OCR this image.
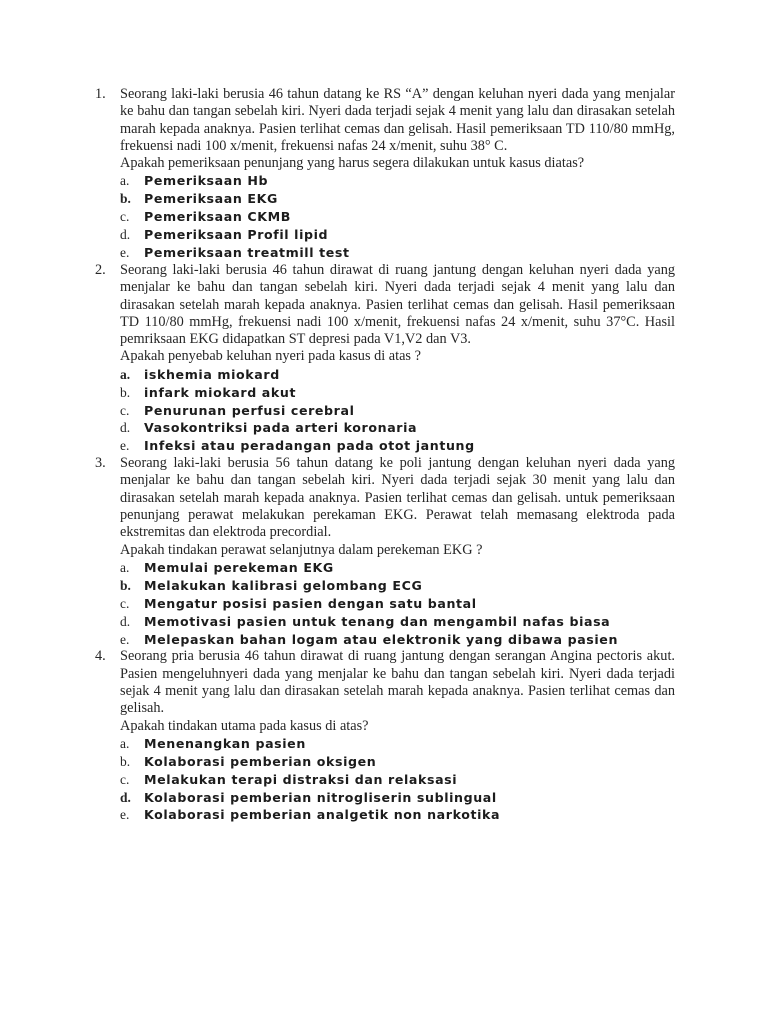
1. Seorang laki-laki berusia 46 tahun datang ke RS “A” dengan keluhan nyeri dada yang menjalar ke bahu dan tangan sebelah kiri. Nyeri dada terjadi sejak 4 menit yang lalu dan dirasakan setelah marah kepada anaknya. Pasien terlihat cemas dan gelisah. Hasil pemeriksaan TD 110/80 mmHg, frekuensi nadi 100 x/menit, frekuensi nafas 24 x/menit, suhu 38° C.

Apakah pemeriksaan penunjang yang harus segera dilakukan untuk kasus diatas?

a. Pemeriksaan Hb
b. Pemeriksaan EKG
c. Pemeriksaan CKMB
d. Pemeriksaan Profil lipid
e. Pemeriksaan treatmill test
2. Seorang laki-laki berusia 46 tahun dirawat di ruang jantung dengan keluhan nyeri dada yang menjalar ke bahu dan tangan sebelah kiri. Nyeri dada terjadi sejak 4 menit yang lalu dan dirasakan setelah marah kepada anaknya. Pasien terlihat cemas dan gelisah. Hasil pemeriksaan TD 110/80 mmHg, frekuensi nadi 100 x/menit, frekuensi nafas 24 x/menit, suhu 37°C. Hasil pemriksaan EKG didapatkan ST depresi pada V1,V2 dan V3.

Apakah penyebab keluhan nyeri pada kasus di atas ?

a. iskhemia miokard
b. infark miokard akut
c. Penurunan perfusi cerebral
d. Vasokontriksi pada arteri koronaria
e. Infeksi atau peradangan pada otot jantung
3. Seorang laki-laki berusia 56 tahun datang ke poli jantung dengan keluhan nyeri dada yang menjalar ke bahu dan tangan sebelah kiri. Nyeri dada terjadi sejak 30 menit yang lalu dan dirasakan setelah marah kepada anaknya. Pasien terlihat cemas dan gelisah. untuk pemeriksaan penunjang perawat melakukan perekaman EKG. Perawat telah memasang elektroda pada ekstremitas dan elektroda precordial.

Apakah tindakan perawat selanjutnya dalam perekeman EKG ?

a. Memulai perekeman EKG
b. Melakukan kalibrasi gelombang ECG
c. Mengatur posisi pasien dengan satu bantal
d. Memotivasi pasien untuk tenang dan mengambil nafas biasa
e. Melepaskan bahan logam atau elektronik yang dibawa pasien
4. Seorang pria berusia 46 tahun dirawat di ruang jantung dengan serangan Angina pectoris akut. Pasien mengeluhnyeri dada yang menjalar ke bahu dan tangan sebelah kiri. Nyeri dada terjadi sejak 4 menit yang lalu dan dirasakan setelah marah kepada anaknya. Pasien terlihat cemas dan gelisah.

Apakah tindakan utama pada kasus di atas?

a. Menenangkan pasien
b. Kolaborasi pemberian oksigen
c. Melakukan terapi distraksi dan relaksasi
d. Kolaborasi pemberian nitrogliserin sublingual
e. Kolaborasi pemberian analgetik non narkotika
